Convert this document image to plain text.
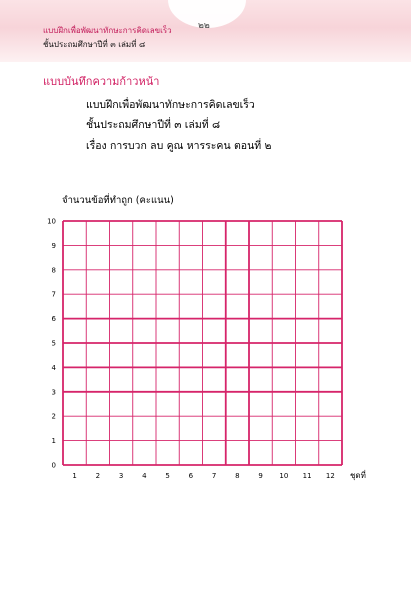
๒๒
แบบฝึกเพื่อพัฒนาทักษะการคิดเลขเร็ว
ชั้นประถมศึกษาปีที่ ๓ เล่มที่ ๘
แบบบันทึกความก้าวหน้า
แบบฝึกเพื่อพัฒนาทักษะการคิดเลขเร็ว
ชั้นประถมศึกษาปีที่ ๓ เล่มที่ ๘
เรื่อง การบวก ลบ คูณ หารระคน ตอนที่ ๒
จำนวนข้อที่ทำถูก (คะแนน)
ชุดที่
0
1
2
3
4
5
6
7
8
9
10
1	2	3	4	5	6	7	8	9 10 11 12
